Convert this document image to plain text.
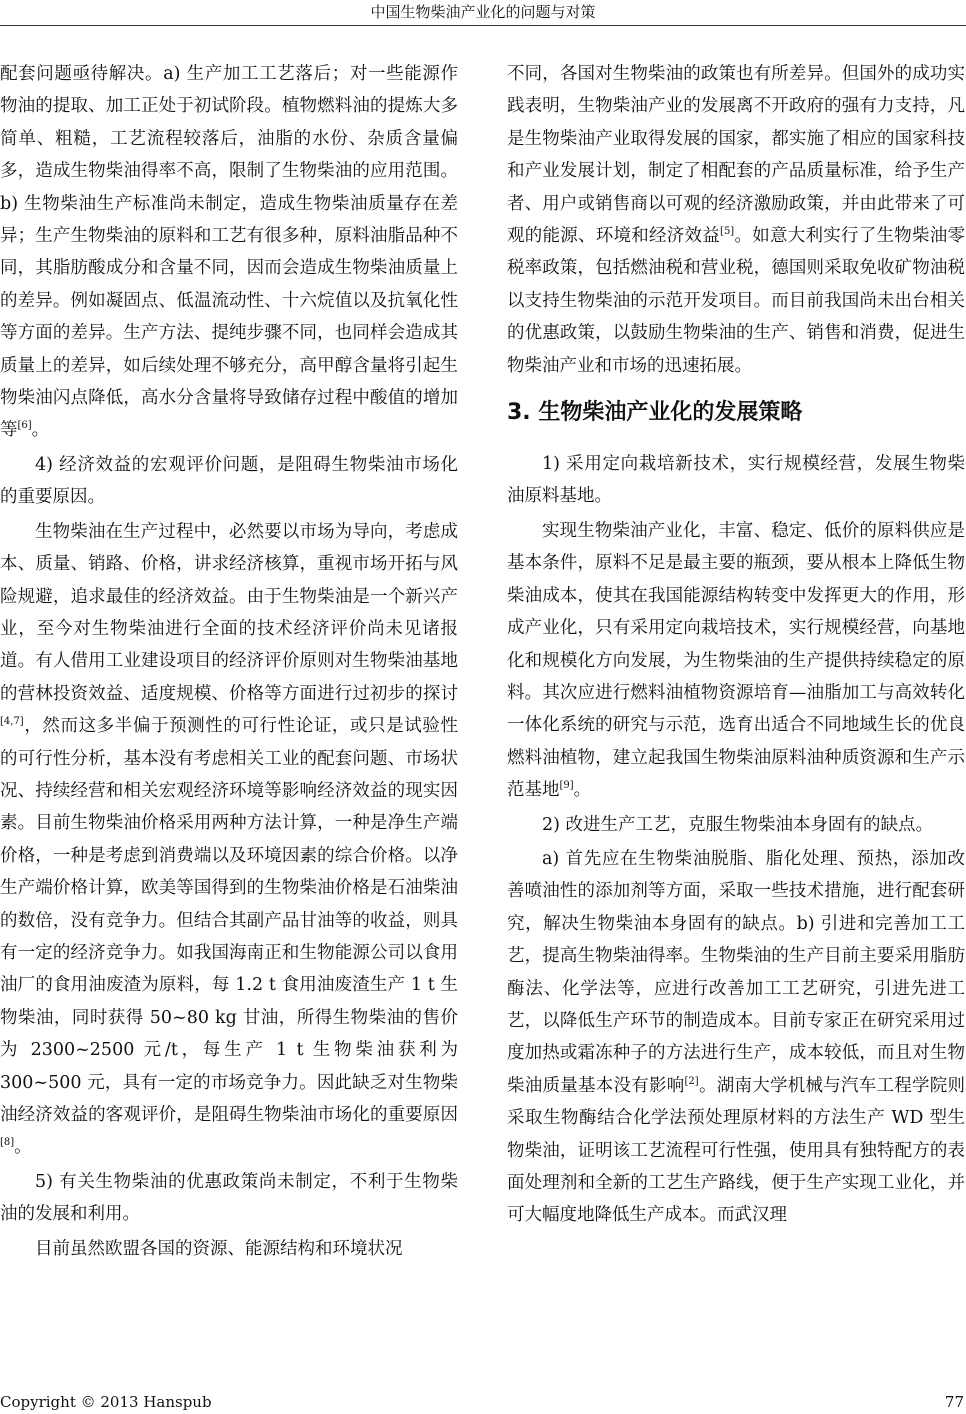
中国生物柴油产业化的问题与对策

配套问题亟待解决。a) 生产加工工艺落后；对一些能源作物油的提取、加工正处于初试阶段。植物燃料油的提炼大多简单、粗糙，工艺流程较落后，油脂的水份、杂质含量偏多，造成生物柴油得率不高，限制了生物柴油的应用范围。b) 生物柴油生产标准尚未制定，造成生物柴油质量存在差异；生产生物柴油的原料和工艺有很多种，原料油脂品种不同，其脂肪酸成分和含量不同，因而会造成生物柴油质量上的差异。例如凝固点、低温流动性、十六烷值以及抗氧化性等方面的差异。生产方法、提纯步骤不同，也同样会造成其质量上的差异，如后续处理不够充分，高甲醇含量将引起生物柴油闪点降低，高水分含量将导致储存过程中酸值的增加等[6]。

4) 经济效益的宏观评价问题，是阻碍生物柴油市场化的重要原因。

生物柴油在生产过程中，必然要以市场为导向，考虑成本、质量、销路、价格，讲求经济核算，重视市场开拓与风险规避，追求最佳的经济效益。由于生物柴油是一个新兴产业，至今对生物柴油进行全面的技术经济评价尚未见诸报道。有人借用工业建设项目的经济评价原则对生物柴油基地的营林投资效益、适度规模、价格等方面进行过初步的探讨[4,7]，然而这多半偏于预测性的可行性论证，或只是试验性的可行性分析，基本没有考虑相关工业的配套问题、市场状况、持续经营和相关宏观经济环境等影响经济效益的现实因素。目前生物柴油价格采用两种方法计算，一种是净生产端价格，一种是考虑到消费端以及环境因素的综合价格。以净生产端价格计算，欧美等国得到的生物柴油价格是石油柴油的数倍，没有竞争力。但结合其副产品甘油等的收益，则具有一定的经济竞争力。如我国海南正和生物能源公司以食用油厂的食用油废渣为原料，每 1.2 t 食用油废渣生产 1 t 生物柴油，同时获得 50~80 kg 甘油，所得生物柴油的售价为 2300~2500 元/t，每生产 1 t 生物柴油获利为 300~500 元，具有一定的市场竞争力。因此缺乏对生物柴油经济效益的客观评价，是阻碍生物柴油市场化的重要原因[8]。

5) 有关生物柴油的优惠政策尚未制定，不利于生物柴油的发展和利用。

目前虽然欧盟各国的资源、能源结构和环境状况

不同，各国对生物柴油的政策也有所差异。但国外的成功实践表明，生物柴油产业的发展离不开政府的强有力支持，凡是生物柴油产业取得发展的国家，都实施了相应的国家科技和产业发展计划，制定了相配套的产品质量标准，给予生产者、用户或销售商以可观的经济激励政策，并由此带来了可观的能源、环境和经济效益[5]。如意大利实行了生物柴油零税率政策，包括燃油税和营业税，德国则采取免收矿物油税以支持生物柴油的示范开发项目。而目前我国尚未出台相关的优惠政策，以鼓励生物柴油的生产、销售和消费，促进生物柴油产业和市场的迅速拓展。

3. 生物柴油产业化的发展策略

1) 采用定向栽培新技术，实行规模经营，发展生物柴油原料基地。

实现生物柴油产业化，丰富、稳定、低价的原料供应是基本条件，原料不足是最主要的瓶颈，要从根本上降低生物柴油成本，使其在我国能源结构转变中发挥更大的作用，形成产业化，只有采用定向栽培技术，实行规模经营，向基地化和规模化方向发展，为生物柴油的生产提供持续稳定的原料。其次应进行燃料油植物资源培育—油脂加工与高效转化一体化系统的研究与示范，选育出适合不同地域生长的优良燃料油植物，建立起我国生物柴油原料油种质资源和生产示范基地[9]。

2) 改进生产工艺，克服生物柴油本身固有的缺点。

a) 首先应在生物柴油脱脂、脂化处理、预热，添加改善喷油性的添加剂等方面，采取一些技术措施，进行配套研究，解决生物柴油本身固有的缺点。b) 引进和完善加工工艺，提高生物柴油得率。生物柴油的生产目前主要采用脂肪酶法、化学法等，应进行改善加工工艺研究，引进先进工艺，以降低生产环节的制造成本。目前专家正在研究采用过度加热或霜冻种子的方法进行生产，成本较低，而且对生物柴油质量基本没有影响[2]。湖南大学机械与汽车工程学院则采取生物酶结合化学法预处理原材料的方法生产 WD 型生物柴油，证明该工艺流程可行性强，使用具有独特配方的表面处理剂和全新的工艺生产路线，便于生产实现工业化，并可大幅度地降低生产成本。而武汉理

Copyright © 2013 Hanspub	77
